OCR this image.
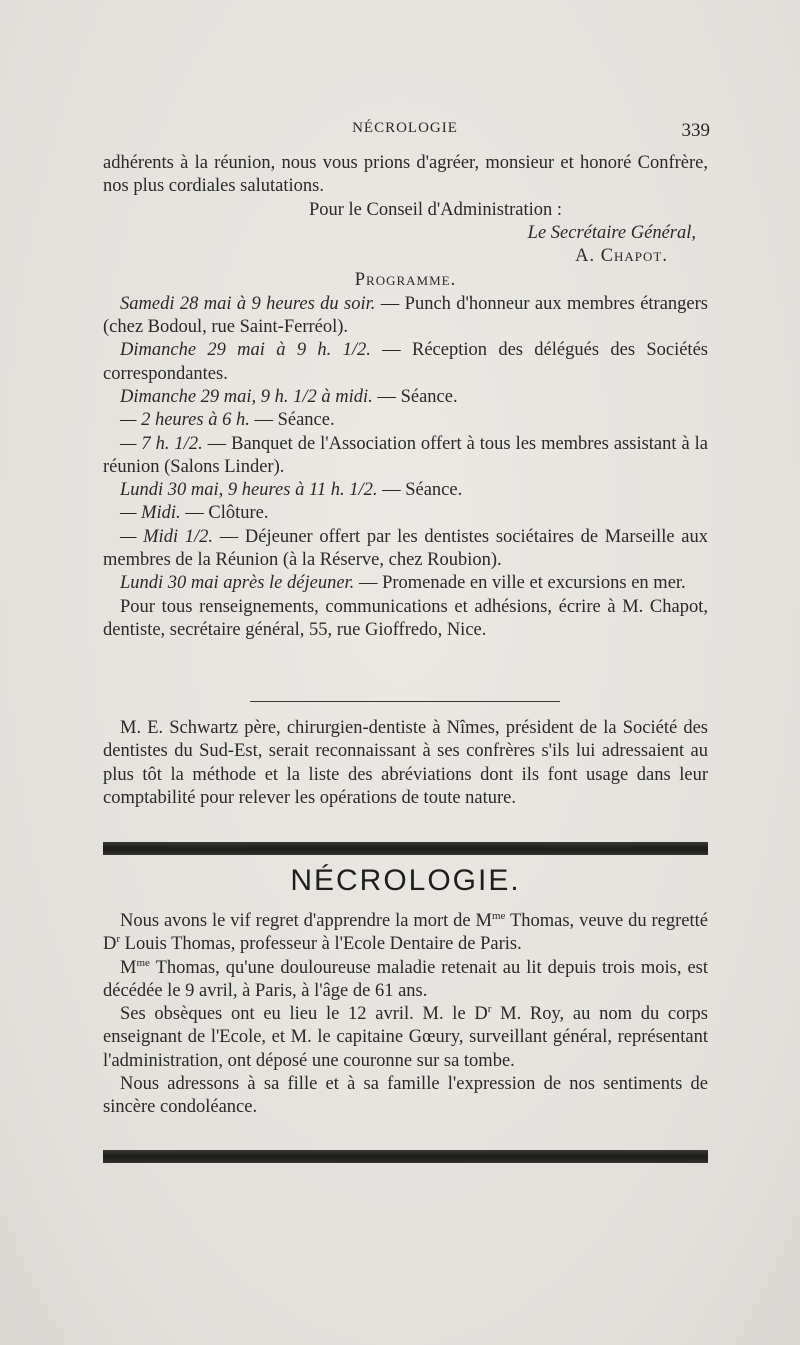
NÉCROLOGIE	339

adhérents à la réunion, nous vous prions d'agréer, monsieur et honoré Confrère, nos plus cordiales salutations.

Pour le Conseil d'Administration :

Le Secrétaire Général,

A. Chapot.

Programme.

Samedi 28 mai à 9 heures du soir. — Punch d'honneur aux membres étrangers (chez Bodoul, rue Saint-Ferréol).

Dimanche 29 mai à 9 h. 1/2. — Réception des délégués des Sociétés correspondantes.

Dimanche 29 mai, 9 h. 1/2 à midi. — Séance.

— 2 heures à 6 h. — Séance.

— 7 h. 1/2. — Banquet de l'Association offert à tous les membres assistant à la réunion (Salons Linder).

Lundi 30 mai, 9 heures à 11 h. 1/2. — Séance.

— Midi. — Clôture.

— Midi 1/2. — Déjeuner offert par les dentistes sociétaires de Marseille aux membres de la Réunion (à la Réserve, chez Roubion).

Lundi 30 mai après le déjeuner. — Promenade en ville et excursions en mer.

Pour tous renseignements, communications et adhésions, écrire à M. Chapot, dentiste, secrétaire général, 55, rue Gioffredo, Nice.

M. E. Schwartz père, chirurgien-dentiste à Nîmes, président de la Société des dentistes du Sud-Est, serait reconnaissant à ses confrères s'ils lui adressaient au plus tôt la méthode et la liste des abréviations dont ils font usage dans leur comptabilité pour relever les opérations de toute nature.

NÉCROLOGIE.

Nous avons le vif regret d'apprendre la mort de $M^{me}$ Thomas, veuve du regretté $D^r$ Louis Thomas, professeur à l'Ecole Dentaire de Paris.

$M^{me}$ Thomas, qu'une douloureuse maladie retenait au lit depuis trois mois, est décédée le 9 avril, à Paris, à l'âge de 61 ans.

Ses obsèques ont eu lieu le 12 avril. M. le $D^r$ M. Roy, au nom du corps enseignant de l'Ecole, et M. le capitaine Gœury, surveillant général, représentant l'administration, ont déposé une couronne sur sa tombe.

Nous adressons à sa fille et à sa famille l'expression de nos sentiments de sincère condoléance.
